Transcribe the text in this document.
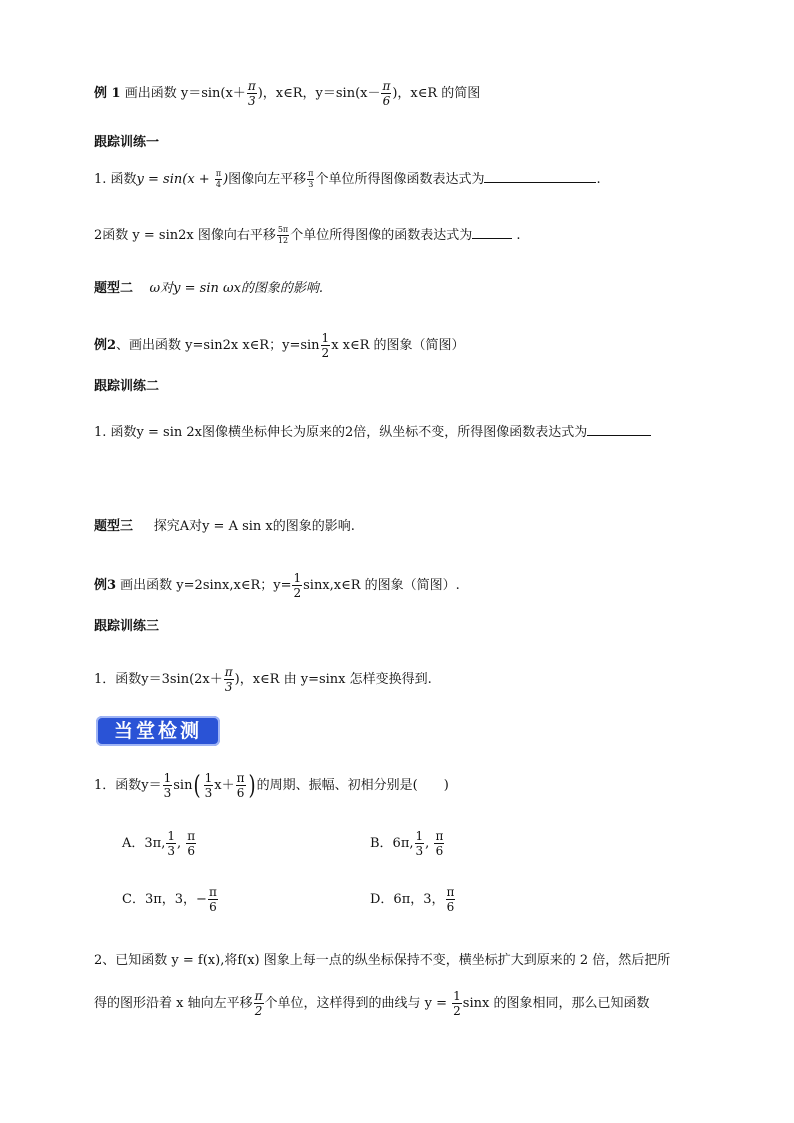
例 1 画出函数 $y=\sin(x+ \frac{\pi}{3}$ )，x∈R，$y=\sin(x- \frac{\pi}{6}$ )，x∈R 的简图
跟踪训练一
1. 函数$y = \sin(x + \frac{\pi}{4}$ )图像向左平移 $\frac{\pi}{3}$ 个单位所得图像函数表达式为	.
2函数 y = sin2x 图像向右平移 $\frac{5\pi}{12}$ 个单位所得图像的函数表达式为	.
题型二 ω对y = sin ωx的图象的影响.
例2、画出函数 y=sin2x x∈R；$y=\sin \frac{1}{2}$ x x∈R 的图象（简图）
跟踪训练二
1. 函数y = sin 2x图像横坐标伸长为原来的2倍，纵坐标不变，所得图像函数表达式为
题型三 探究A对y = A sin x的图象的影响.
例3 画出函数 y=2sinx,x∈R；$y= \frac{1}{2}$ sinx,x∈R 的图象（简图）.
跟踪训练三
1．函数$y=3\sin(2x+ \frac{\pi}{3}$ )，x∈R 由 y=sinx 怎样变换得到.
当堂检测
1．函数$y= \frac{1}{3} \sin( \frac{1}{3} x+ \frac{\pi}{6}$ ) 的周期、振幅、初相分别是(　　)
A．3π, $\frac{1}{3}$ , $\frac{\pi}{6}$	B．6π, $\frac{1}{3}$ , $\frac{\pi}{6}$
C．3π，3，− $\frac{\pi}{6}$	D．6π，3， $\frac{\pi}{6}$
2、已知函数 y = f(x),将f(x) 图象上每一点的纵坐标保持不变，横坐标扩大到原来的 2 倍，然后把所
得的图形沿着 x 轴向左平移 $\frac{\pi}{2}$ 个单位，这样得到的曲线与 $y = \frac{1}{2}$ sinx 的图象相同，那么已知函数
